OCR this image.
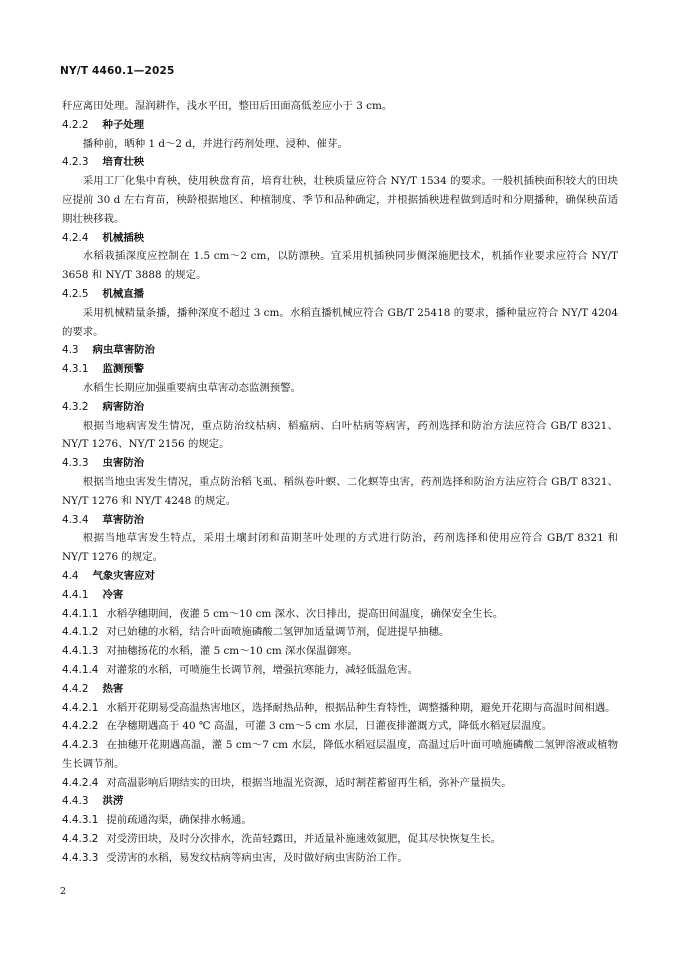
NY/T 4460.1—2025

秆应离田处理。湿润耕作，浅水平田，整田后田面高低差应小于 3 cm。

4.2.2 种子处理

播种前，晒种 1 d～2 d，并进行药剂处理、浸种、催芽。

4.2.3 培育壮秧

采用工厂化集中育秧，使用秧盘育苗，培育壮秧，壮秧质量应符合 NY/T 1534 的要求。一般机插秧面积较大的田块应提前 30 d 左右育苗，秧龄根据地区、种植制度、季节和品种确定，并根据插秧进程做到适时和分期播种，确保秧苗适期壮秧移栽。

4.2.4 机械插秧

水稻栽插深度应控制在 1.5 cm～2 cm，以防漂秧。宜采用机插秧同步侧深施肥技术，机插作业要求应符合 NY/T 3658 和 NY/T 3888 的规定。

4.2.5 机械直播

采用机械精量条播，播种深度不超过 3 cm。水稻直播机械应符合 GB/T 25418 的要求，播种量应符合 NY/T 4204 的要求。

4.3 病虫草害防治

4.3.1 监测预警

水稻生长期应加强重要病虫草害动态监测预警。

4.3.2 病害防治

根据当地病害发生情况，重点防治纹枯病、稻瘟病、白叶枯病等病害，药剂选择和防治方法应符合 GB/T 8321、NY/T 1276、NY/T 2156 的规定。

4.3.3 虫害防治

根据当地虫害发生情况，重点防治稻飞虱、稻纵卷叶螟、二化螟等虫害，药剂选择和防治方法应符合 GB/T 8321、NY/T 1276 和 NY/T 4248 的规定。

4.3.4 草害防治

根据当地草害发生特点，采用土壤封闭和苗期茎叶处理的方式进行防治，药剂选择和使用应符合 GB/T 8321 和 NY/T 1276 的规定。

4.4 气象灾害应对

4.4.1 冷害

4.4.1.1 水稻孕穗期间，夜灌 5 cm～10 cm 深水、次日排出，提高田间温度，确保安全生长。

4.4.1.2 对已始穗的水稻，结合叶面喷施磷酸二氢钾加适量调节剂，促进提早抽穗。

4.4.1.3 对抽穗扬花的水稻，灌 5 cm～10 cm 深水保温御寒。

4.4.1.4 对灌浆的水稻，可喷施生长调节剂，增强抗寒能力，减轻低温危害。

4.4.2 热害

4.4.2.1 水稻开花期易受高温热害地区，选择耐热品种，根据品种生育特性，调整播种期，避免开花期与高温时间相遇。

4.4.2.2 在孕穗期遇高于 40 ℃ 高温，可灌 3 cm～5 cm 水层，日灌夜排灌溉方式，降低水稻冠层温度。

4.4.2.3 在抽穗开花期遇高温，灌 5 cm～7 cm 水层，降低水稻冠层温度，高温过后叶面可喷施磷酸二氢钾溶液或植物生长调节剂。

4.4.2.4 对高温影响后期结实的田块，根据当地温光资源，适时割茬蓄留再生稻，弥补产量损失。

4.4.3 洪涝

4.4.3.1 提前疏通沟渠，确保排水畅通。

4.4.3.2 对受涝田块，及时分次排水，洗苗轻露田，并适量补施速效氮肥，促其尽快恢复生长。

4.4.3.3 受涝害的水稻，易发纹枯病等病虫害，及时做好病虫害防治工作。

2
